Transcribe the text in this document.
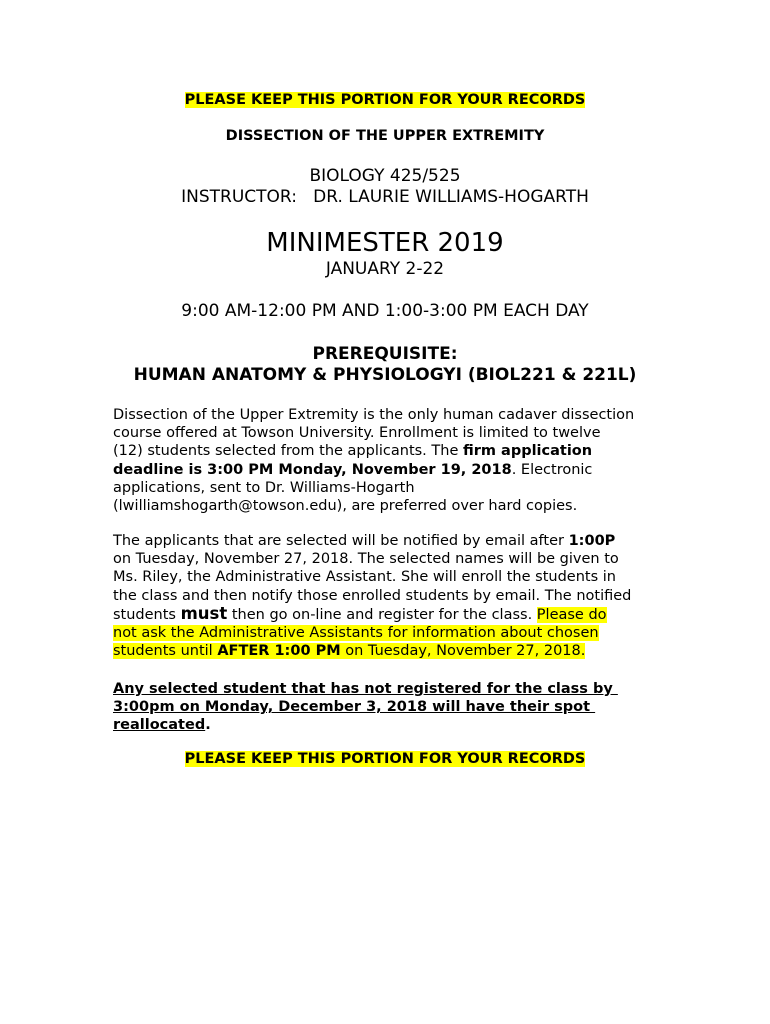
PLEASE KEEP THIS PORTION FOR YOUR RECORDS
DISSECTION OF THE UPPER EXTREMITY
BIOLOGY 425/525
INSTRUCTOR:   DR. LAURIE WILLIAMS-HOGARTH
MINIMESTER 2019
JANUARY 2-22
9:00 AM-12:00 PM AND 1:00-3:00 PM EACH DAY
PREREQUISITE:
HUMAN ANATOMY & PHYSIOLOGYI (BIOL221 & 221L)
Dissection of the Upper Extremity is the only human cadaver dissection
course offered at Towson University. Enrollment is limited to twelve
(12) students selected from the applicants. The firm application
deadline is 3:00 PM Monday, November 19, 2018. Electronic
applications, sent to Dr. Williams-Hogarth
(lwilliamshogarth@towson.edu), are preferred over hard copies.
The applicants that are selected will be notified by email after 1:00P
on Tuesday, November 27, 2018. The selected names will be given to
Ms. Riley, the Administrative Assistant. She will enroll the students in
the class and then notify those enrolled students by email. The notified
students must then go on-line and register for the class. Please do
not ask the Administrative Assistants for information about chosen
students until AFTER 1:00 PM on Tuesday, November 27, 2018.
Any selected student that has not registered for the class by
3:00pm on Monday, December 3, 2018 will have their spot
reallocated.
PLEASE KEEP THIS PORTION FOR YOUR RECORDS
